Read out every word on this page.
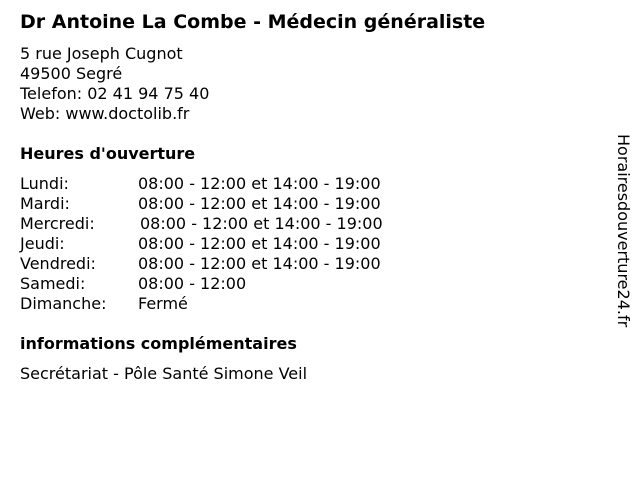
Dr Antoine La Combe - Médecin généraliste
5 rue Joseph Cugnot
49500 Segré
Telefon: 02 41 94 75 40
Web: www.doctolib.fr
Heures d'ouverture
Lundi:	08:00 - 12:00 et 14:00 - 19:00
Mardi:	08:00 - 12:00 et 14:00 - 19:00
Mercredi:	08:00 - 12:00 et 14:00 - 19:00
Jeudi:	08:00 - 12:00 et 14:00 - 19:00
Vendredi:	08:00 - 12:00 et 14:00 - 19:00
Samedi:	08:00 - 12:00
Dimanche: Fermé
informations complémentaires
Secrétariat - Pôle Santé Simone Veil
Horairesdouverture24.fr
